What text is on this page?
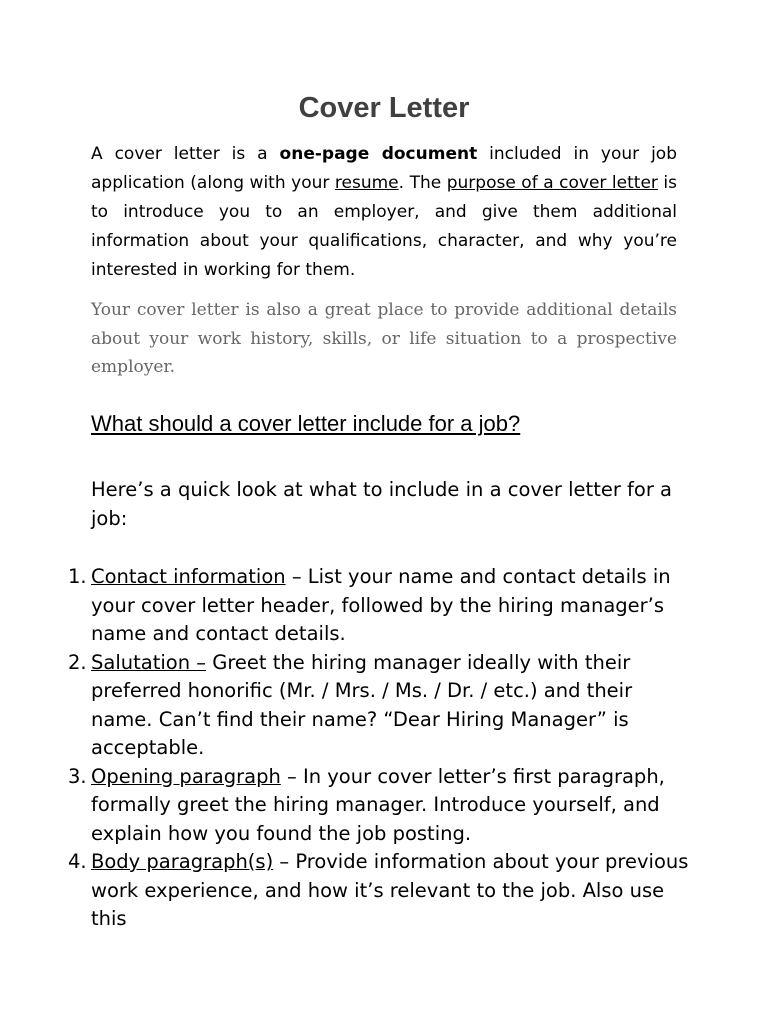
Cover Letter

A cover letter is a one-page document included in your job application (along with your resume. The purpose of a cover letter is to introduce you to an employer, and give them additional information about your qualifications, character, and why you’re interested in working for them.

Your cover letter is also a great place to provide additional details about your work history, skills, or life situation to a prospective employer.

What should a cover letter include for a job?

Here’s a quick look at what to include in a cover letter for a job:

1. Contact information – List your name and contact details in your cover letter header, followed by the hiring manager’s name and contact details.
2. Salutation – Greet the hiring manager ideally with their preferred honorific (Mr. / Mrs. / Ms. / Dr. / etc.) and their name. Can’t find their name? “Dear Hiring Manager” is acceptable.
3. Opening paragraph – In your cover letter’s first paragraph, formally greet the hiring manager. Introduce yourself, and explain how you found the job posting.
4. Body paragraph(s) – Provide information about your previous work experience, and how it’s relevant to the job. Also use this
